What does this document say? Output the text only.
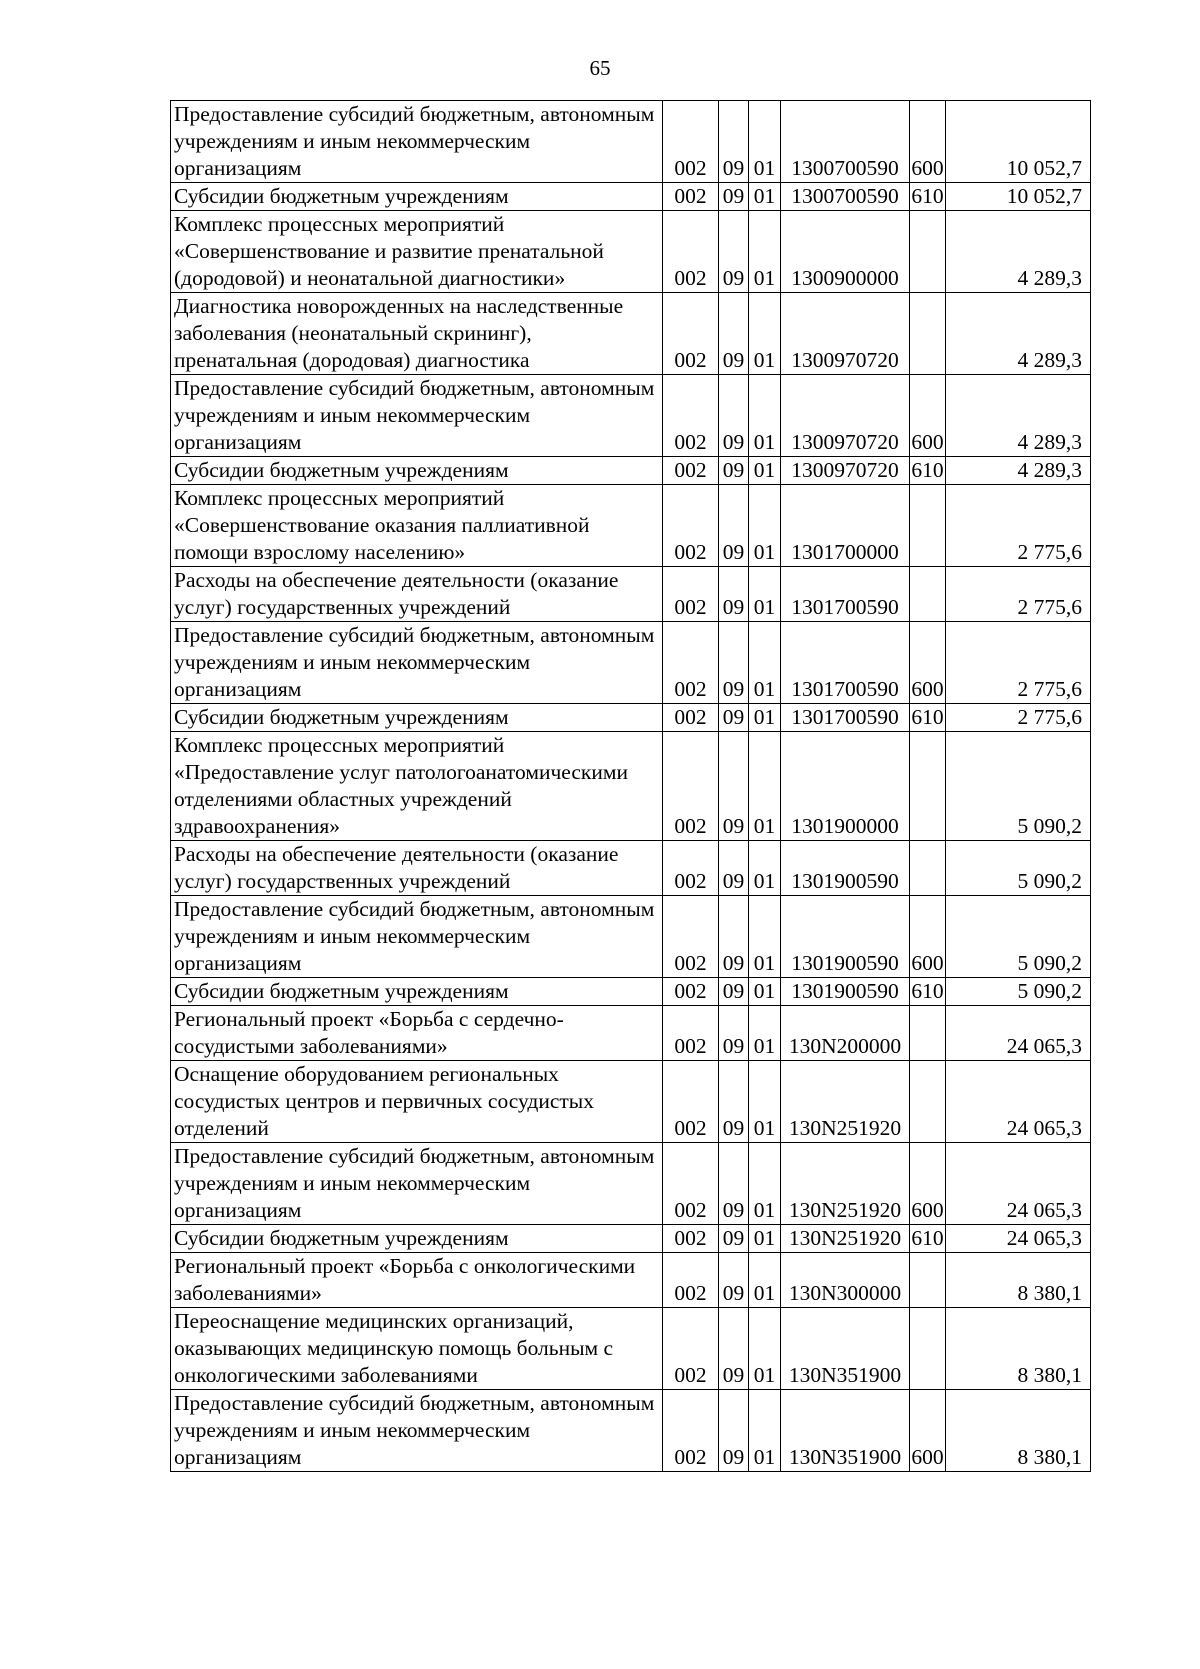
65
Предоставление субсидий бюджетным, автономным учреждениям и иным некоммерческим организациям	002	09	01	1300700590	600	10 052,7
Субсидии бюджетным учреждениям	002	09	01	1300700590	610	10 052,7
Комплекс процессных мероприятий «Совершенствование и развитие пренатальной (дородовой) и неонатальной диагностики»	002	09	01	1300900000		4 289,3
Диагностика новорожденных на наследственные заболевания (неонатальный скрининг), пренатальная (дородовая) диагностика	002	09	01	1300970720		4 289,3
Предоставление субсидий бюджетным, автономным учреждениям и иным некоммерческим организациям	002	09	01	1300970720	600	4 289,3
Субсидии бюджетным учреждениям	002	09	01	1300970720	610	4 289,3
Комплекс процессных мероприятий «Совершенствование оказания паллиативной помощи взрослому населению»	002	09	01	1301700000		2 775,6
Расходы на обеспечение деятельности (оказание услуг) государственных учреждений	002	09	01	1301700590		2 775,6
Предоставление субсидий бюджетным, автономным учреждениям и иным некоммерческим организациям	002	09	01	1301700590	600	2 775,6
Субсидии бюджетным учреждениям	002	09	01	1301700590	610	2 775,6
Комплекс процессных мероприятий «Предоставление услуг патологоанатомическими отделениями областных учреждений здравоохранения»	002	09	01	1301900000		5 090,2
Расходы на обеспечение деятельности (оказание услуг) государственных учреждений	002	09	01	1301900590		5 090,2
Предоставление субсидий бюджетным, автономным учреждениям и иным некоммерческим организациям	002	09	01	1301900590	600	5 090,2
Субсидии бюджетным учреждениям	002	09	01	1301900590	610	5 090,2
Региональный проект «Борьба с сердечно-сосудистыми заболеваниями»	002	09	01	130N200000		24 065,3
Оснащение оборудованием региональных сосудистых центров и первичных сосудистых отделений	002	09	01	130N251920		24 065,3
Предоставление субсидий бюджетным, автономным учреждениям и иным некоммерческим организациям	002	09	01	130N251920	600	24 065,3
Субсидии бюджетным учреждениям	002	09	01	130N251920	610	24 065,3
Региональный проект «Борьба с онкологическими заболеваниями»	002	09	01	130N300000		8 380,1
Переоснащение медицинских организаций, оказывающих медицинскую помощь больным с онкологическими заболеваниями	002	09	01	130N351900		8 380,1
Предоставление субсидий бюджетным, автономным учреждениям и иным некоммерческим организациям	002	09	01	130N351900	600	8 380,1
